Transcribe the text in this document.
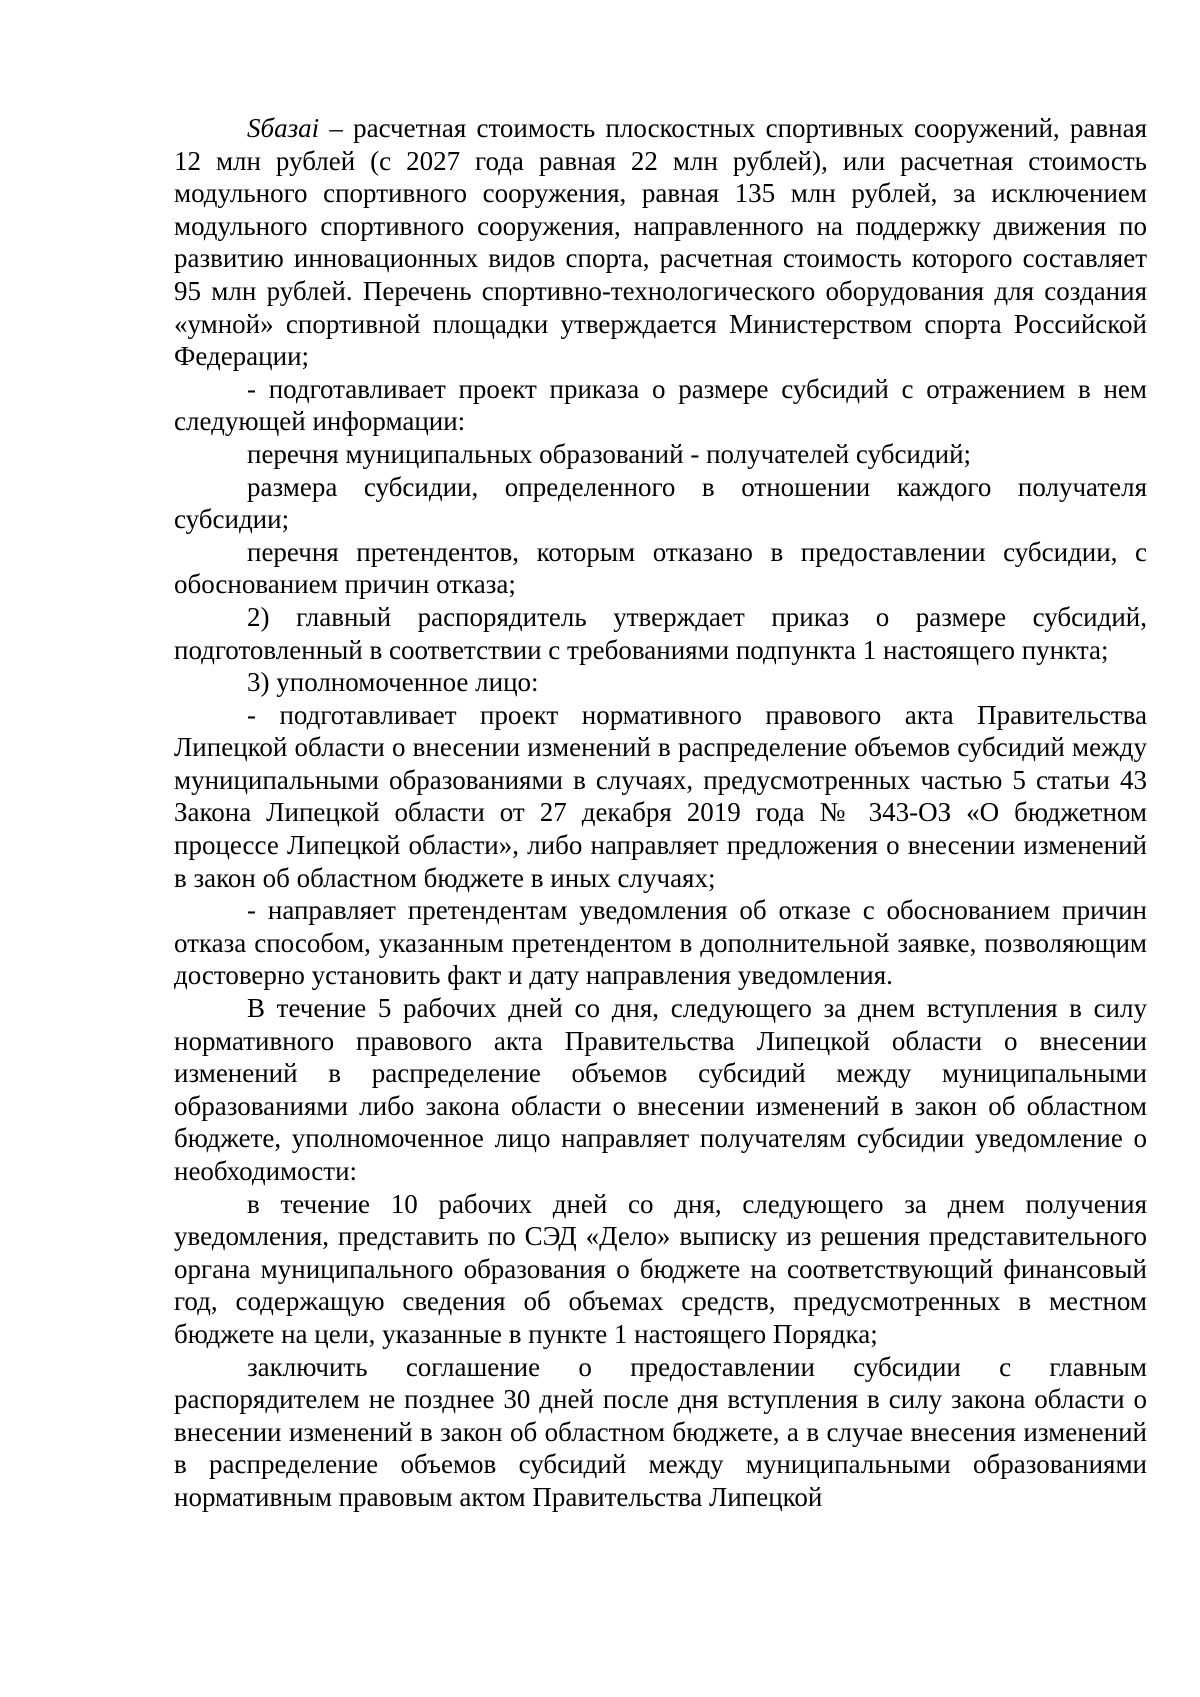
Sбазаi – расчетная стоимость плоскостных спортивных сооружений, равная 12 млн рублей (с 2027 года равная 22 млн рублей), или расчетная стоимость модульного спортивного сооружения, равная 135 млн рублей, за исключением модульного спортивного сооружения, направленного на поддержку движения по развитию инновационных видов спорта, расчетная стоимость которого составляет 95 млн рублей. Перечень спортивно-технологического оборудования для создания «умной» спортивной площадки утверждается Министерством спорта Российской Федерации;

- подготавливает проект приказа о размере субсидий с отражением в нем следующей информации:

перечня муниципальных образований - получателей субсидий;

размера субсидии, определенного в отношении каждого получателя субсидии;

перечня претендентов, которым отказано в предоставлении субсидии, с обоснованием причин отказа;

2) главный распорядитель утверждает приказ о размере субсидий, подготовленный в соответствии с требованиями подпункта 1 настоящего пункта;

3) уполномоченное лицо:

- подготавливает проект нормативного правового акта Правительства Липецкой области о внесении изменений в распределение объемов субсидий между муниципальными образованиями в случаях, предусмотренных частью 5 статьи 43 Закона Липецкой области от 27 декабря 2019 года № 343-ОЗ «О бюджетном процессе Липецкой области», либо направляет предложения о внесении изменений в закон об областном бюджете в иных случаях;

- направляет претендентам уведомления об отказе с обоснованием причин отказа способом, указанным претендентом в дополнительной заявке, позволяющим достоверно установить факт и дату направления уведомления.

В течение 5 рабочих дней со дня, следующего за днем вступления в силу нормативного правового акта Правительства Липецкой области о внесении изменений в распределение объемов субсидий между муниципальными образованиями либо закона области о внесении изменений в закон об областном бюджете, уполномоченное лицо направляет получателям субсидии уведомление о необходимости:

в течение 10 рабочих дней со дня, следующего за днем получения уведомления, представить по СЭД «Дело» выписку из решения представительного органа муниципального образования о бюджете на соответствующий финансовый год, содержащую сведения об объемах средств, предусмотренных в местном бюджете на цели, указанные в пункте 1 настоящего Порядка;

заключить соглашение о предоставлении субсидии с главным распорядителем не позднее 30 дней после дня вступления в силу закона области о внесении изменений в закон об областном бюджете, а в случае внесения изменений в распределение объемов субсидий между муниципальными образованиями нормативным правовым актом Правительства Липецкой
